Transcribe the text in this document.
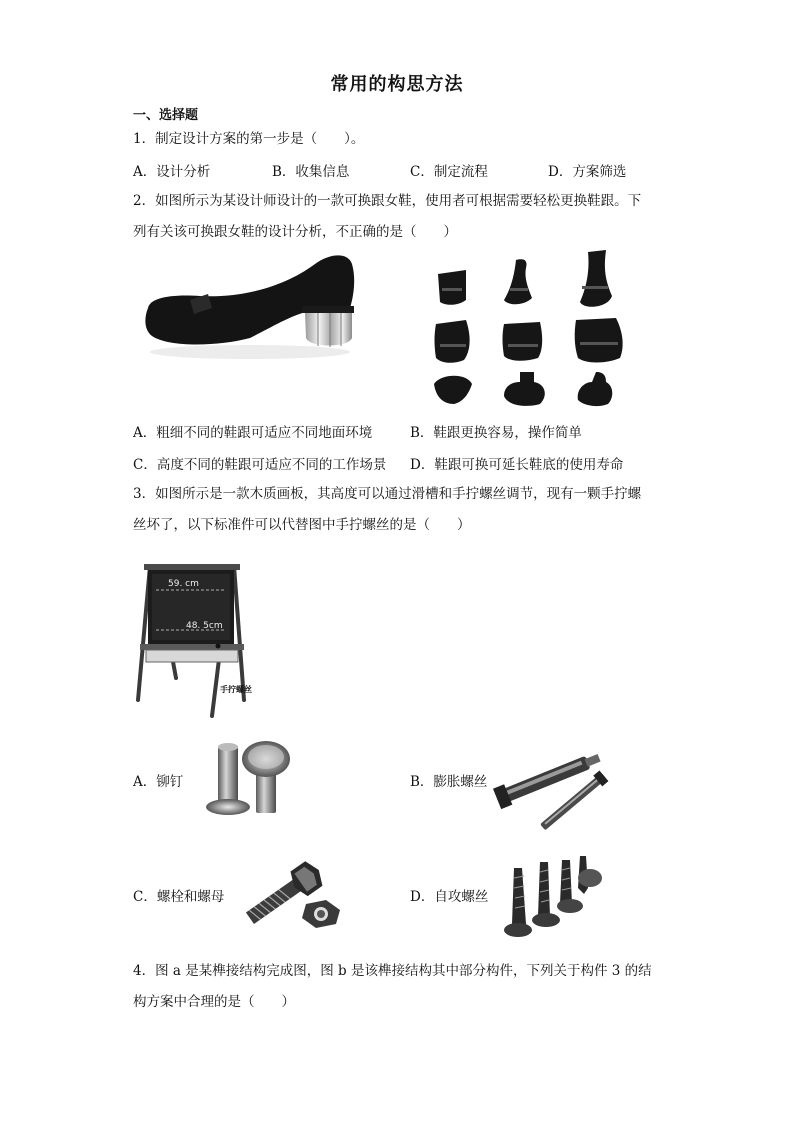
常用的构思方法
一、选择题
1．制定设计方案的第一步是（　　）。
A．设计分析	B．收集信息	C．制定流程	D．方案筛选
2．如图所示为某设计师设计的一款可换跟女鞋，使用者可根据需要轻松更换鞋跟。下
列有关该可换跟女鞋的设计分析，不正确的是（　　）
A．粗细不同的鞋跟可适应不同地面环境	B．鞋跟更换容易，操作简单
C．高度不同的鞋跟可适应不同的工作场景 D．鞋跟可换可延长鞋底的使用寿命
3．如图所示是一款木质画板，其高度可以通过滑槽和手拧螺丝调节，现有一颗手拧螺
丝坏了，以下标准件可以代替图中手拧螺丝的是（　　）
59. cm
48. 5cm
手拧螺丝
A．铆钉	B．膨胀螺丝
C．螺栓和螺母	D．自攻螺丝
4．图 a 是某榫接结构完成图，图 b 是该榫接结构其中部分构件，下列关于构件 3 的结
构方案中合理的是（　　）
